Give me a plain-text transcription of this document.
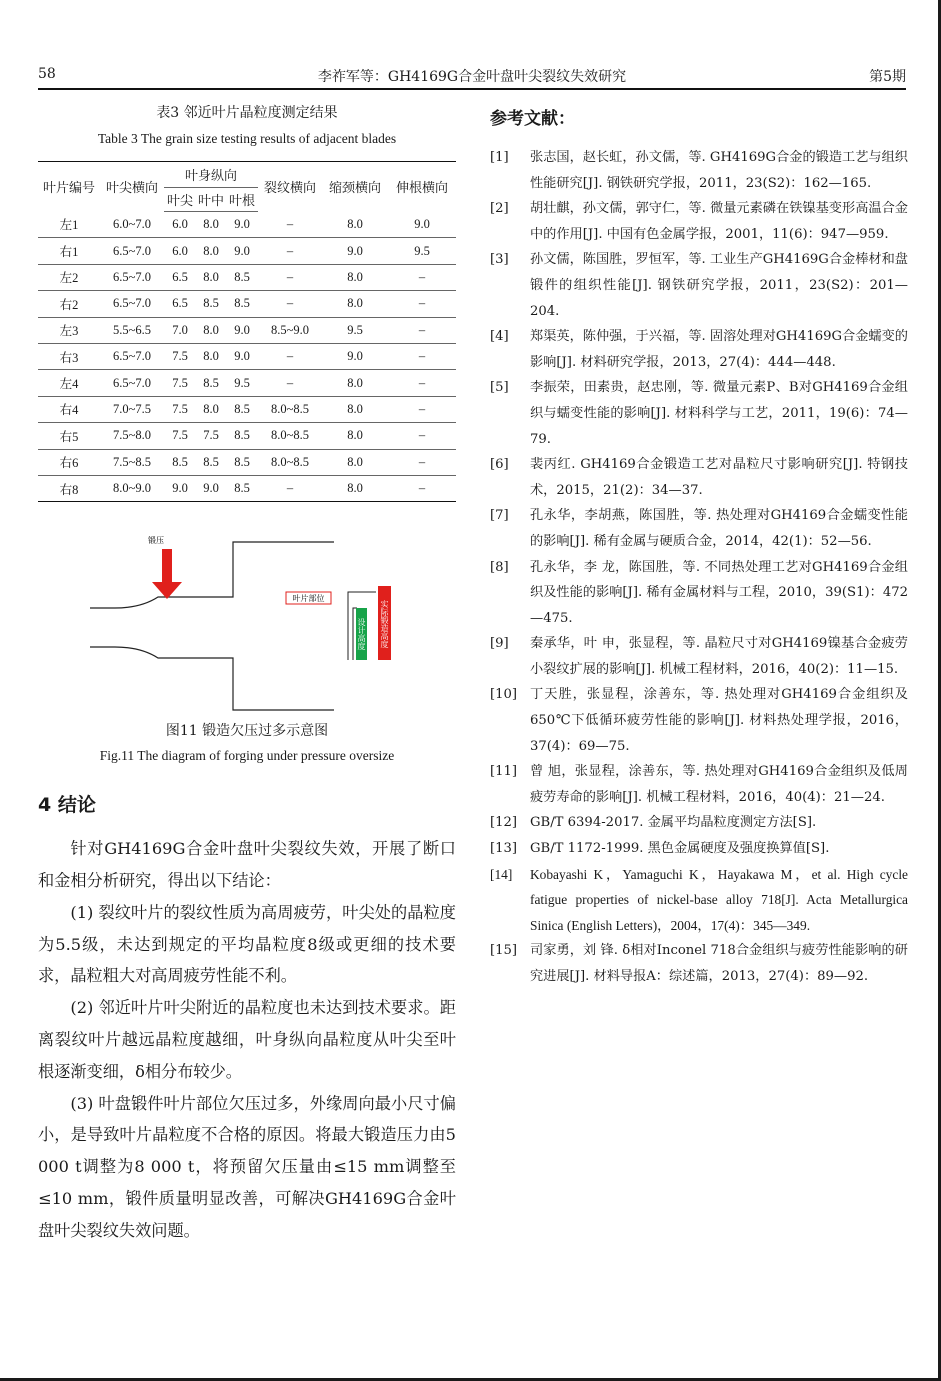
58	李祚军等：GH4169G合金叶盘叶尖裂纹失效研究	第5期
表3 邻近叶片晶粒度测定结果
Table 3 The grain size testing results of adjacent blades
叶片编号	叶尖横向	叶身纵向			裂纹横向	缩颈横向	伸根横向
		叶尖	叶中	叶根			
左1	6.0~7.0	6.0	8.0	9.0	–	8.0	9.0
右1	6.5~7.0	6.0	8.0	9.0	–	9.0	9.5
左2	6.5~7.0	6.5	8.0	8.5	–	8.0	–
右2	6.5~7.0	6.5	8.5	8.5	–	8.0	–
左3	5.5~6.5	7.0	8.0	9.0	8.5~9.0	9.5	–
右3	6.5~7.0	7.5	8.0	9.0	–	9.0	–
左4	6.5~7.0	7.5	8.5	9.5	–	8.0	–
右4	7.0~7.5	7.5	8.0	8.5	8.0~8.5	8.0	–
右5	7.5~8.0	7.5	7.5	8.5	8.0~8.5	8.0	–
右6	7.5~8.5	8.5	8.5	8.5	8.0~8.5	8.0	–
右8	8.0~9.0	9.0	9.0	8.5	–	8.0	–
叶片部位
设计高度 实际锻造高度
锻压
图11 锻造欠压过多示意图
Fig.11 The diagram of forging under pressure oversize
4 结论

针对GH4169G合金叶盘叶尖裂纹失效，开展了断口和金相分析研究，得出以下结论：

(1) 裂纹叶片的裂纹性质为高周疲劳，叶尖处的晶粒度为5.5级，未达到规定的平均晶粒度8级或更细的技术要求，晶粒粗大对高周疲劳性能不利。

(2) 邻近叶片叶尖附近的晶粒度也未达到技术要求。距离裂纹叶片越远晶粒度越细，叶身纵向晶粒度从叶尖至叶根逐渐变细，δ相分布较少。

(3) 叶盘锻件叶片部位欠压过多，外缘周向最小尺寸偏小，是导致叶片晶粒度不合格的原因。将最大锻造压力由5 000 t调整为8 000 t，将预留欠压量由≤15 mm调整至≤10 mm，锻件质量明显改善，可解决GH4169G合金叶盘叶尖裂纹失效问题。

参考文献：
[1] 张志国，赵长虹，孙文儒，等. GH4169G合金的锻造工艺与组织性能研究[J]. 钢铁研究学报，2011，23(S2)：162—165.
[2] 胡壮麒，孙文儒，郭守仁，等. 微量元素磷在铁镍基变形高温合金中的作用[J]. 中国有色金属学报，2001，11(6)：947—959.
[3] 孙文儒，陈国胜，罗恒军，等. 工业生产GH4169G合金棒材和盘锻件的组织性能[J]. 钢铁研究学报，2011，23(S2)：201—204.
[4] 郑渠英，陈仲强，于兴福，等. 固溶处理对GH4169G合金蠕变的影响[J]. 材料研究学报，2013，27(4)：444—448.
[5] 李振荣，田素贵，赵忠刚，等. 微量元素P、B对GH4169合金组织与蠕变性能的影响[J]. 材料科学与工艺，2011，19(6)：74—79.
[6] 裴丙红. GH4169合金锻造工艺对晶粒尺寸影响研究[J]. 特钢技术，2015，21(2)：34—37.
[7] 孔永华，李胡燕，陈国胜，等. 热处理对GH4169合金蠕变性能的影响[J]. 稀有金属与硬质合金，2014，42(1)：52—56.
[8] 孔永华，李 龙，陈国胜，等. 不同热处理工艺对GH4169合金组织及性能的影响[J]. 稀有金属材料与工程，2010，39(S1)：472—475.
[9] 秦承华，叶 申，张显程，等. 晶粒尺寸对GH4169镍基合金疲劳小裂纹扩展的影响[J]. 机械工程材料，2016，40(2)：11—15.
[10] 丁天胜，张显程，涂善东，等. 热处理对GH4169合金组织及650℃下低循环疲劳性能的影响[J]. 材料热处理学报，2016，37(4)：69—75.
[11] 曾 旭，张显程，涂善东，等. 热处理对GH4169合金组织及低周疲劳寿命的影响[J]. 机械工程材料，2016，40(4)：21—24.
[12] GB/T 6394-2017. 金属平均晶粒度测定方法[S].
[13] GB/T 1172-1999. 黑色金属硬度及强度换算值[S].
[14] Kobayashi K，Yamaguchi K，Hayakawa M，et al. High cycle fatigue properties of nickel-base alloy 718[J]. Acta Metallurgica Sinica (English Letters)，2004，17(4)：345—349.
[15] 司家勇，刘 锋. δ相对Inconel 718合金组织与疲劳性能影响的研究进展[J]. 材料导报A：综述篇，2013，27(4)：89—92.
